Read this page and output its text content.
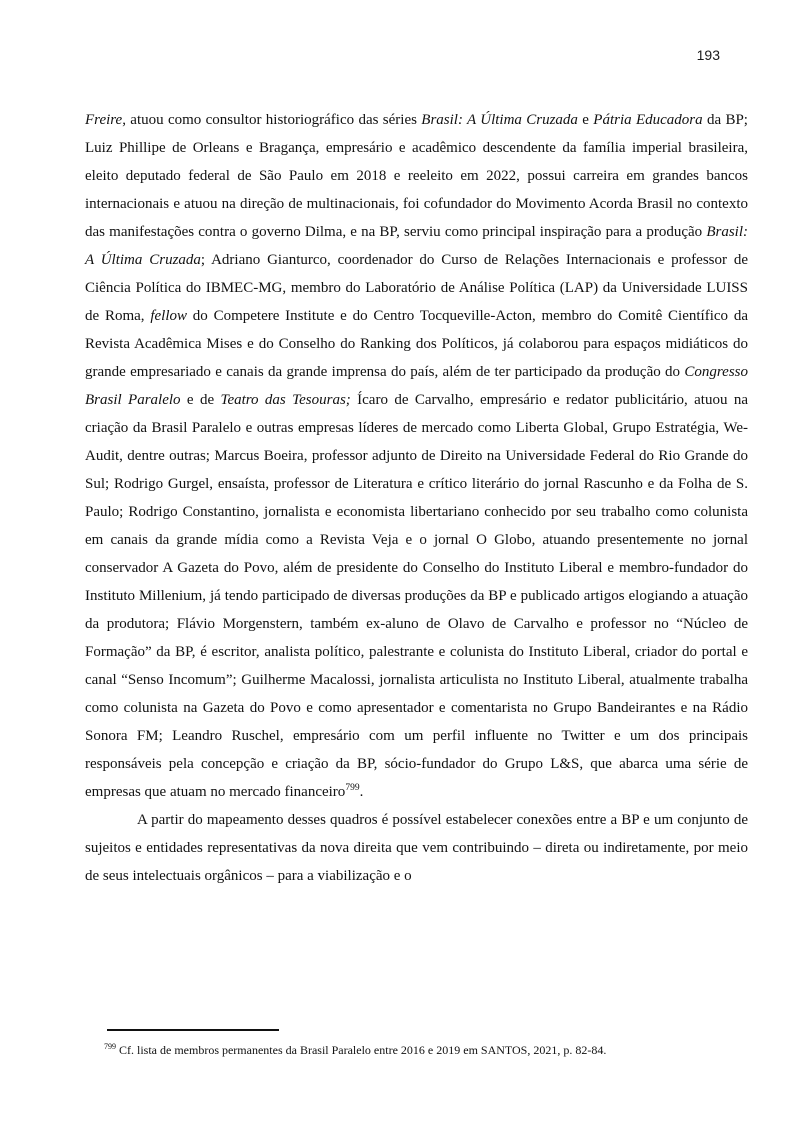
193

Freire, atuou como consultor historiográfico das séries Brasil: A Última Cruzada e Pátria Educadora da BP; Luiz Phillipe de Orleans e Bragança, empresário e acadêmico descendente da família imperial brasileira, eleito deputado federal de São Paulo em 2018 e reeleito em 2022, possui carreira em grandes bancos internacionais e atuou na direção de multinacionais, foi cofundador do Movimento Acorda Brasil no contexto das manifestações contra o governo Dilma, e na BP, serviu como principal inspiração para a produção Brasil: A Última Cruzada; Adriano Gianturco, coordenador do Curso de Relações Internacionais e professor de Ciência Política do IBMEC-MG, membro do Laboratório de Análise Política (LAP) da Universidade LUISS de Roma, fellow do Competere Institute e do Centro Tocqueville-Acton, membro do Comitê Científico da Revista Acadêmica Mises e do Conselho do Ranking dos Políticos, já colaborou para espaços midiáticos do grande empresariado e canais da grande imprensa do país, além de ter participado da produção do Congresso Brasil Paralelo e de Teatro das Tesouras; Ícaro de Carvalho, empresário e redator publicitário, atuou na criação da Brasil Paralelo e outras empresas líderes de mercado como Liberta Global, Grupo Estratégia, We-Audit, dentre outras; Marcus Boeira, professor adjunto de Direito na Universidade Federal do Rio Grande do Sul; Rodrigo Gurgel, ensaísta, professor de Literatura e crítico literário do jornal Rascunho e da Folha de S. Paulo; Rodrigo Constantino, jornalista e economista libertariano conhecido por seu trabalho como colunista em canais da grande mídia como a Revista Veja e o jornal O Globo, atuando presentemente no jornal conservador A Gazeta do Povo, além de presidente do Conselho do Instituto Liberal e membro-fundador do Instituto Millenium, já tendo participado de diversas produções da BP e publicado artigos elogiando a atuação da produtora; Flávio Morgenstern, também ex-aluno de Olavo de Carvalho e professor no “Núcleo de Formação” da BP, é escritor, analista político, palestrante e colunista do Instituto Liberal, criador do portal e canal “Senso Incomum”; Guilherme Macalossi, jornalista articulista no Instituto Liberal, atualmente trabalha como colunista na Gazeta do Povo e como apresentador e comentarista no Grupo Bandeirantes e na Rádio Sonora FM; Leandro Ruschel, empresário com um perfil influente no Twitter e um dos principais responsáveis pela concepção e criação da BP, sócio-fundador do Grupo L&S, que abarca uma série de empresas que atuam no mercado financeiro$^{799}$.

A partir do mapeamento desses quadros é possível estabelecer conexões entre a BP e um conjunto de sujeitos e entidades representativas da nova direita que vem contribuindo – direta ou indiretamente, por meio de seus intelectuais orgânicos – para a viabilização e o

$^{799}$ Cf. lista de membros permanentes da Brasil Paralelo entre 2016 e 2019 em SANTOS, 2021, p. 82-84.
